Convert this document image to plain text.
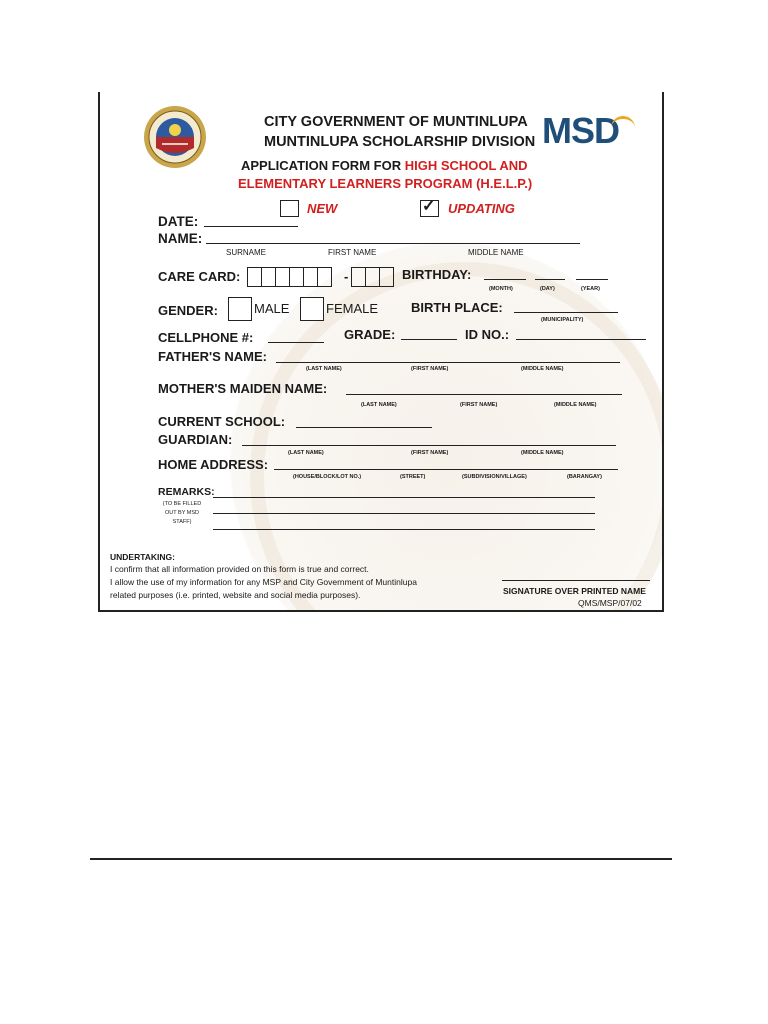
CITY GOVERNMENT OF MUNTINLUPA
MUNTINLUPA SCHOLARSHIP DIVISION
APPLICATION FORM FOR HIGH SCHOOL AND
ELEMENTARY LEARNERS PROGRAM (H.E.L.P.)
MSD
NEW	✓ UPDATING
DATE:
NAME:
SURNAME	FIRST NAME	MIDDLE NAME
CARE CARD:	-	BIRTHDAY:
(MONTH)	(DAY)	(YEAR)
GENDER:	MALE	FEMALE	BIRTH PLACE:
(MUNICIPALITY)
CELLPHONE #:	GRADE:	ID NO.:
FATHER'S NAME:
(LAST NAME)	(FIRST NAME)	(MIDDLE NAME)
MOTHER'S MAIDEN NAME:
(LAST NAME)	(FIRST NAME)	(MIDDLE NAME)
CURRENT SCHOOL:
GUARDIAN:
(LAST NAME)	(FIRST NAME)	(MIDDLE NAME)
HOME ADDRESS:
(HOUSE/BLOCK/LOT NO.)	(STREET)	(SUBDIVISION/VILLAGE)	(BARANGAY)
REMARKS:
(TO BE FILLED
OUT BY MSD
STAFF)
UNDERTAKING:
I confirm that all information provided on this form is true and correct.
I allow the use of my information for any MSP and City Government of Muntinlupa
related purposes (i.e. printed, website and social media purposes).	SIGNATURE OVER PRINTED NAME
QMS/MSP/07/02
